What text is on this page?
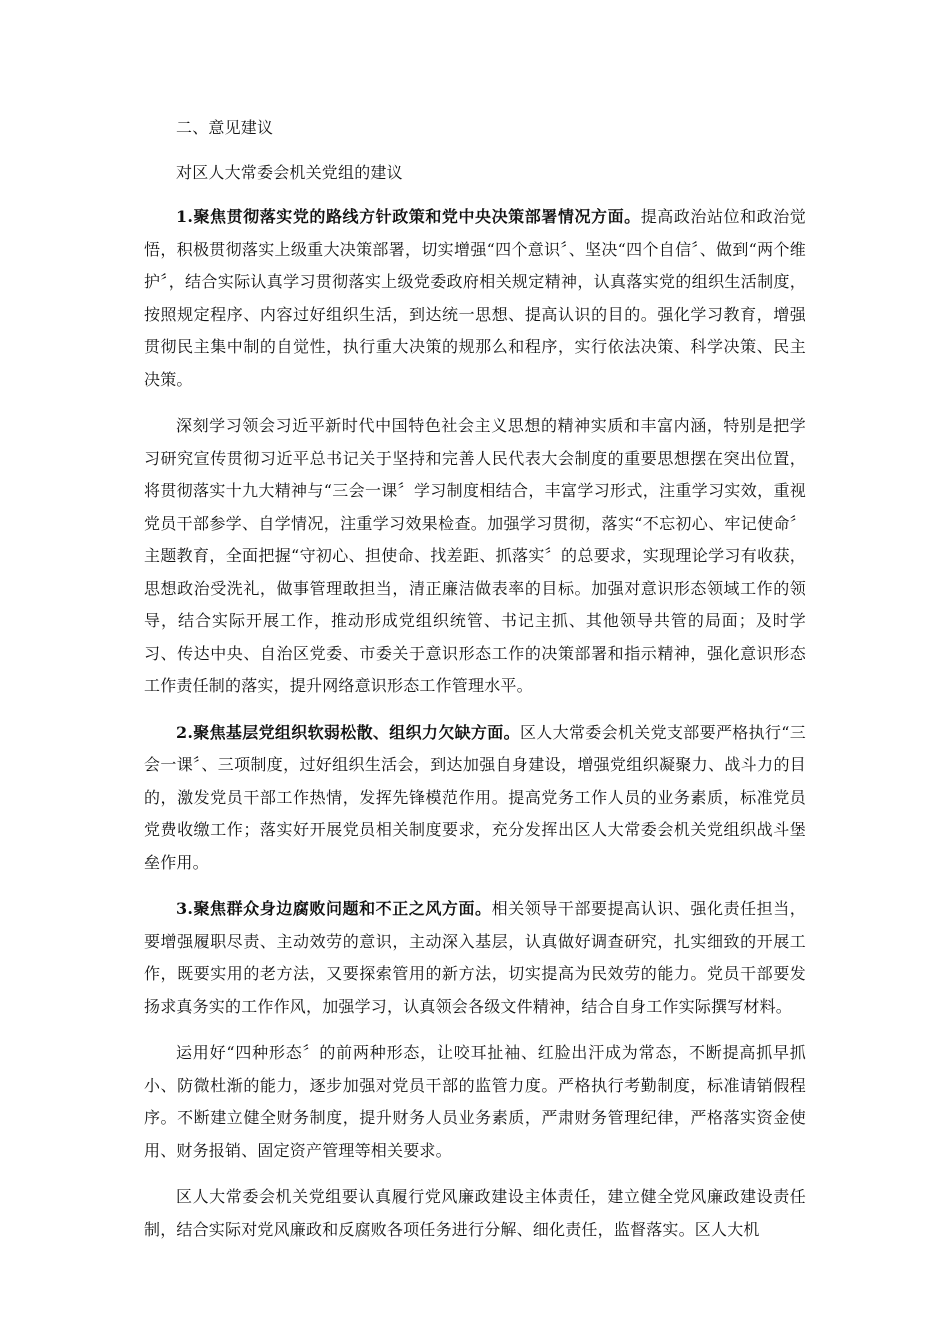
二、意见建议

对区人大常委会机关党组的建议

1.聚焦贯彻落实党的路线方针政策和党中央决策部署情况方面。提高政治站位和政治觉悟，积极贯彻落实上级重大决策部署，切实增强“四个意识〞、坚决“四个自信〞、做到“两个维护〞，结合实际认真学习贯彻落实上级党委政府相关规定精神，认真落实党的组织生活制度，按照规定程序、内容过好组织生活，到达统一思想、提高认识的目的。强化学习教育，增强贯彻民主集中制的自觉性，执行重大决策的规那么和程序，实行依法决策、科学决策、民主决策。

深刻学习领会习近平新时代中国特色社会主义思想的精神实质和丰富内涵，特别是把学习研究宣传贯彻习近平总书记关于坚持和完善人民代表大会制度的重要思想摆在突出位置，将贯彻落实十九大精神与“三会一课〞学习制度相结合，丰富学习形式，注重学习实效，重视党员干部参学、自学情况，注重学习效果检查。加强学习贯彻，落实“不忘初心、牢记使命〞主题教育，全面把握“守初心、担使命、找差距、抓落实〞的总要求，实现理论学习有收获，思想政治受洗礼，做事管理敢担当，清正廉洁做表率的目标。加强对意识形态领域工作的领导，结合实际开展工作，推动形成党组织统管、书记主抓、其他领导共管的局面；及时学习、传达中央、自治区党委、市委关于意识形态工作的决策部署和指示精神，强化意识形态工作责任制的落实，提升网络意识形态工作管理水平。

2.聚焦基层党组织软弱松散、组织力欠缺方面。区人大常委会机关党支部要严格执行“三会一课〞、三项制度，过好组织生活会，到达加强自身建设，增强党组织凝聚力、战斗力的目的，激发党员干部工作热情，发挥先锋模范作用。提高党务工作人员的业务素质，标准党员党费收缴工作；落实好开展党员相关制度要求，充分发挥出区人大常委会机关党组织战斗堡垒作用。

3.聚焦群众身边腐败问题和不正之风方面。相关领导干部要提高认识、强化责任担当，要增强履职尽责、主动效劳的意识，主动深入基层，认真做好调查研究，扎实细致的开展工作，既要实用的老方法，又要探索管用的新方法，切实提高为民效劳的能力。党员干部要发扬求真务实的工作作风，加强学习，认真领会各级文件精神，结合自身工作实际撰写材料。

运用好“四种形态〞的前两种形态，让咬耳扯袖、红脸出汗成为常态，不断提高抓早抓小、防微杜渐的能力，逐步加强对党员干部的监管力度。严格执行考勤制度，标准请销假程序。不断建立健全财务制度，提升财务人员业务素质，严肃财务管理纪律，严格落实资金使用、财务报销、固定资产管理等相关要求。

区人大常委会机关党组要认真履行党风廉政建设主体责任，建立健全党风廉政建设责任制，结合实际对党风廉政和反腐败各项任务进行分解、细化责任，监督落实。区人大机
